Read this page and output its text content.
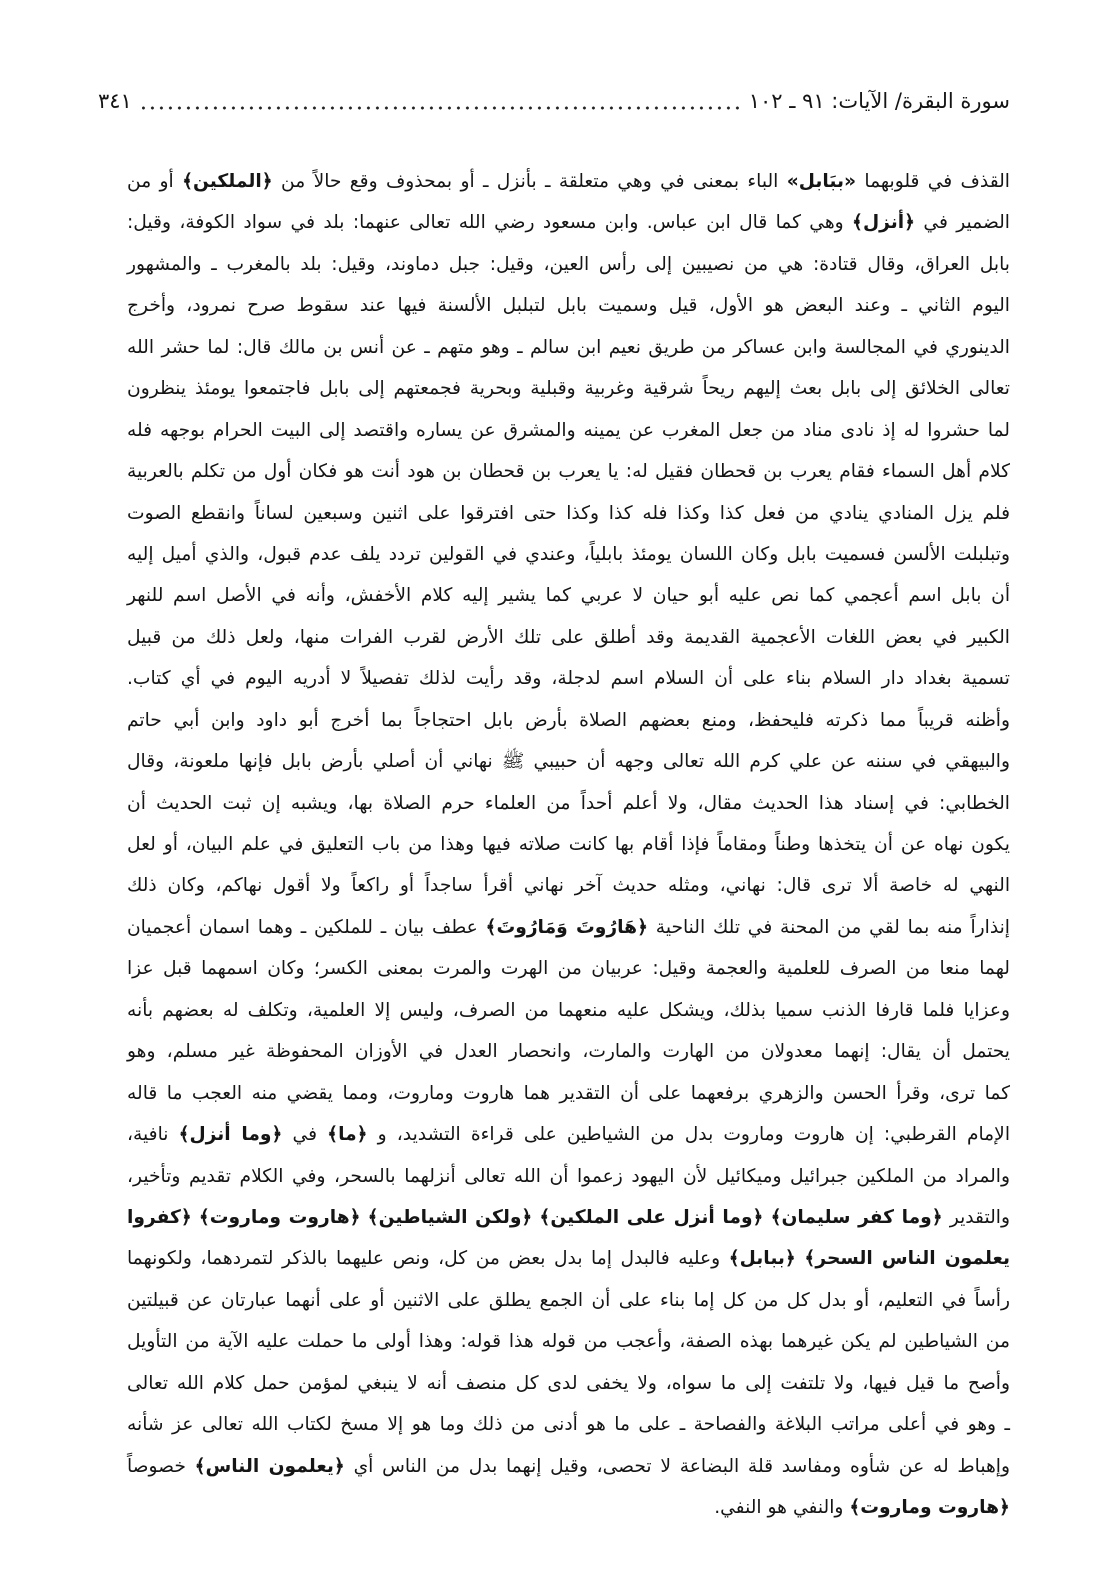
سورة البقرة/ الآيات: ٩١ ـ ١٠٢
٣٤١
القذف في قلوبهما «ببَابل» الباء بمعنى في وهي متعلقة ـ بأنزل ـ أو بمحذوف وقع حالاً من ﴿الملكين﴾ أو من
الضمير في ﴿أنزل﴾ وهي كما قال ابن عباس. وابن مسعود رضي الله تعالى عنهما: بلد في سواد الكوفة، وقيل:
بابل العراق، وقال قتادة: هي من نصيبين إلى رأس العين، وقيل: جبل دماوند، وقيل: بلد بالمغرب ـ والمشهور
اليوم الثاني ـ وعند البعض هو الأول، قيل وسميت بابل لتبلبل الألسنة فيها عند سقوط صرح نمرود، وأخرج
الدينوري في المجالسة وابن عساكر من طريق نعيم ابن سالم ـ وهو متهم ـ عن أنس بن مالك قال: لما حشر الله
تعالى الخلائق إلى بابل بعث إليهم ريحاً شرقية وغربية وقبلية وبحرية فجمعتهم إلى بابل فاجتمعوا يومئذ ينظرون
لما حشروا له إذ نادى مناد من جعل المغرب عن يمينه والمشرق عن يساره واقتصد إلى البيت الحرام بوجهه فله
كلام أهل السماء فقام يعرب بن قحطان فقيل له: يا يعرب بن قحطان بن هود أنت هو فكان أول من تكلم بالعربية
فلم يزل المنادي ينادي من فعل كذا وكذا فله كذا وكذا حتى افترقوا على اثنين وسبعين لساناً وانقطع الصوت
وتبلبلت الألسن فسميت بابل وكان اللسان يومئذ بابلياً، وعندي في القولين تردد يلف عدم قبول، والذي أميل إليه
أن بابل اسم أعجمي كما نص عليه أبو حيان لا عربي كما يشير إليه كلام الأخفش، وأنه في الأصل اسم للنهر
الكبير في بعض اللغات الأعجمية القديمة وقد أطلق على تلك الأرض لقرب الفرات منها، ولعل ذلك من قبيل
تسمية بغداد دار السلام بناء على أن السلام اسم لدجلة، وقد رأيت لذلك تفصيلاً لا أدريه اليوم في أي كتاب.
وأظنه قريباً مما ذكرته فليحفظ، ومنع بعضهم الصلاة بأرض بابل احتجاجاً بما أخرج أبو داود وابن أبي حاتم
والبيهقي في سننه عن علي كرم الله تعالى وجهه أن حبيبي ﷺ نهاني أن أصلي بأرض بابل فإنها ملعونة، وقال
الخطابي: في إسناد هذا الحديث مقال، ولا أعلم أحداً من العلماء حرم الصلاة بها، ويشبه إن ثبت الحديث أن
يكون نهاه عن أن يتخذها وطناً ومقاماً فإذا أقام بها كانت صلاته فيها وهذا من باب التعليق في علم البيان، أو لعل
النهي له خاصة ألا ترى قال: نهاني، ومثله حديث آخر نهاني أقرأ ساجداً أو راكعاً ولا أقول نهاكم، وكان ذلك
إنذاراً منه بما لقي من المحنة في تلك الناحية ﴿هَارُوتَ وَمَارُوتَ﴾ عطف بيان ـ للملكين ـ وهما اسمان أعجميان
لهما منعا من الصرف للعلمية والعجمة وقيل: عربيان من الهرت والمرت بمعنى الكسر؛ وكان اسمهما قبل عزا
وعزايا فلما قارفا الذنب سميا بذلك، ويشكل عليه منعهما من الصرف، وليس إلا العلمية، وتكلف له بعضهم بأنه
يحتمل أن يقال: إنهما معدولان من الهارت والمارت، وانحصار العدل في الأوزان المحفوظة غير مسلم، وهو
كما ترى، وقرأ الحسن والزهري برفعهما على أن التقدير هما هاروت وماروت، ومما يقضي منه العجب ما قاله
الإمام القرطبي: إن هاروت وماروت بدل من الشياطين على قراءة التشديد، و ﴿ما﴾ في ﴿وما أنزل﴾ نافية،
والمراد من الملكين جبرائيل وميكائيل لأن اليهود زعموا أن الله تعالى أنزلهما بالسحر، وفي الكلام تقديم وتأخير،
والتقدير ﴿وما كفر سليمان﴾ ﴿وما أنزل على الملكين﴾ ﴿ولكن الشياطين﴾ ﴿هاروت وماروت﴾ ﴿كفروا
يعلمون الناس السحر﴾ ﴿ببابل﴾ وعليه فالبدل إما بدل بعض من كل، ونص عليهما بالذكر لتمردهما، ولكونهما
رأساً في التعليم، أو بدل كل من كل إما بناء على أن الجمع يطلق على الاثنين أو على أنهما عبارتان عن قبيلتين
من الشياطين لم يكن غيرهما بهذه الصفة، وأعجب من قوله هذا قوله: وهذا أولى ما حملت عليه الآية من التأويل
وأصح ما قيل فيها، ولا تلتفت إلى ما سواه، ولا يخفى لدى كل منصف أنه لا ينبغي لمؤمن حمل كلام الله تعالى
ـ وهو في أعلى مراتب البلاغة والفصاحة ـ على ما هو أدنى من ذلك وما هو إلا مسخ لكتاب الله تعالى عز شأنه
وإهباط له عن شأوه ومفاسد قلة البضاعة لا تحصى، وقيل إنهما بدل من الناس أي ﴿يعلمون الناس﴾ خصوصاً
﴿هاروت وماروت﴾ والنفي هو النفي.
